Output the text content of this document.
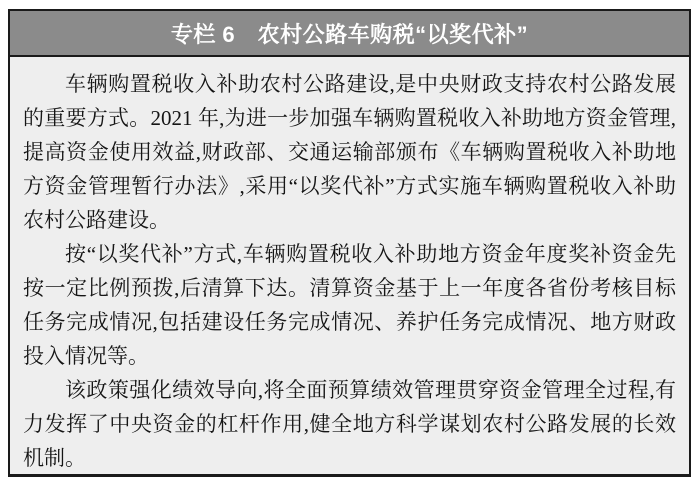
专栏 6　农村公路车购税“以奖代补”

车辆购置税收入补助农村公路建设,是中央财政支持农村公路发展的重要方式。2021 年,为进一步加强车辆购置税收入补助地方资金管理,提高资金使用效益,财政部、交通运输部颁布《车辆购置税收入补助地方资金管理暂行办法》,采用“以奖代补”方式实施车辆购置税收入补助农村公路建设。

按“以奖代补”方式,车辆购置税收入补助地方资金年度奖补资金先按一定比例预拨,后清算下达。清算资金基于上一年度各省份考核目标任务完成情况,包括建设任务完成情况、养护任务完成情况、地方财政投入情况等。

该政策强化绩效导向,将全面预算绩效管理贯穿资金管理全过程,有力发挥了中央资金的杠杆作用,健全地方科学谋划农村公路发展的长效机制。
